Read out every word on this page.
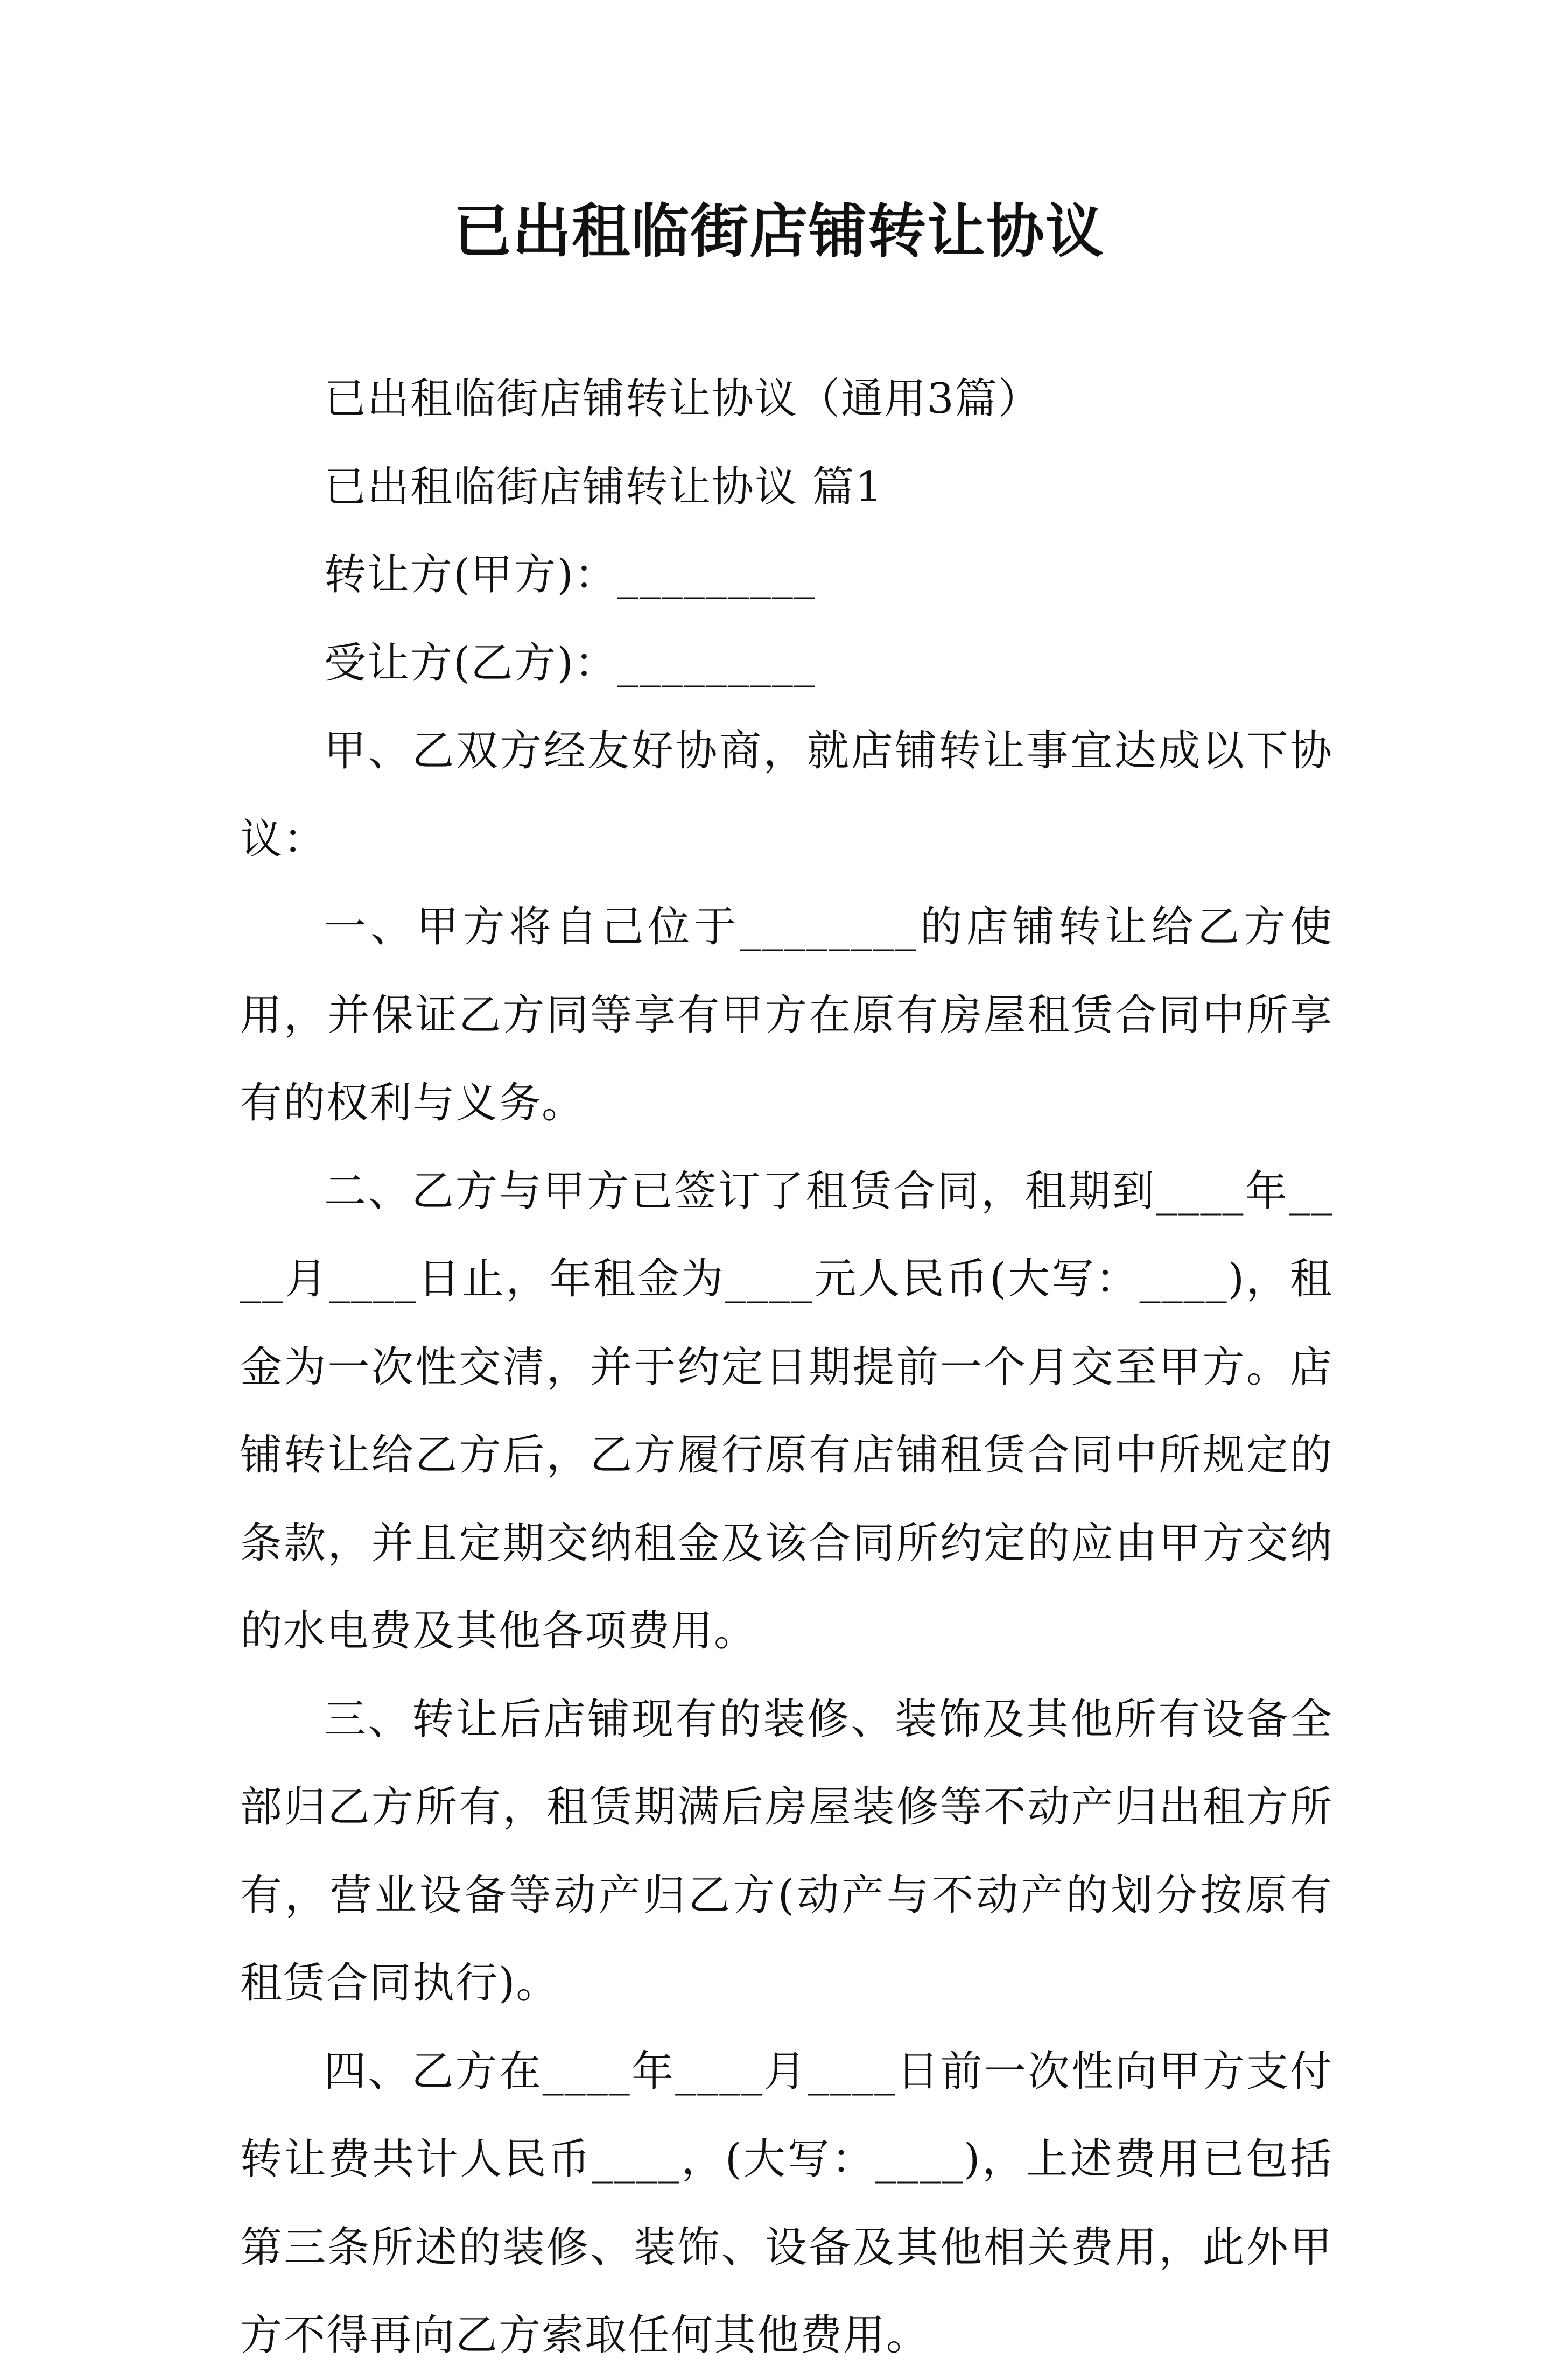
已出租临街店铺转让协议

已出租临街店铺转让协议（通用3篇）

已出租临街店铺转让协议 篇1

转让方(甲方)：_________

受让方(乙方)：_________

甲、乙双方经友好协商，就店铺转让事宜达成以下协议：

一、甲方将自己位于________的店铺转让给乙方使用，并保证乙方同等享有甲方在原有房屋租赁合同中所享有的权利与义务。

二、乙方与甲方已签订了租赁合同，租期到____年____月____日止，年租金为____元人民币(大写：____)，租金为一次性交清，并于约定日期提前一个月交至甲方。店铺转让给乙方后，乙方履行原有店铺租赁合同中所规定的条款，并且定期交纳租金及该合同所约定的应由甲方交纳的水电费及其他各项费用。

三、转让后店铺现有的装修、装饰及其他所有设备全部归乙方所有，租赁期满后房屋装修等不动产归出租方所有，营业设备等动产归乙方(动产与不动产的划分按原有租赁合同执行)。

四、乙方在____年____月____日前一次性向甲方支付转让费共计人民币____，(大写：____)，上述费用已包括第三条所述的装修、装饰、设备及其他相关费用，此外甲方不得再向乙方索取任何其他费用。
